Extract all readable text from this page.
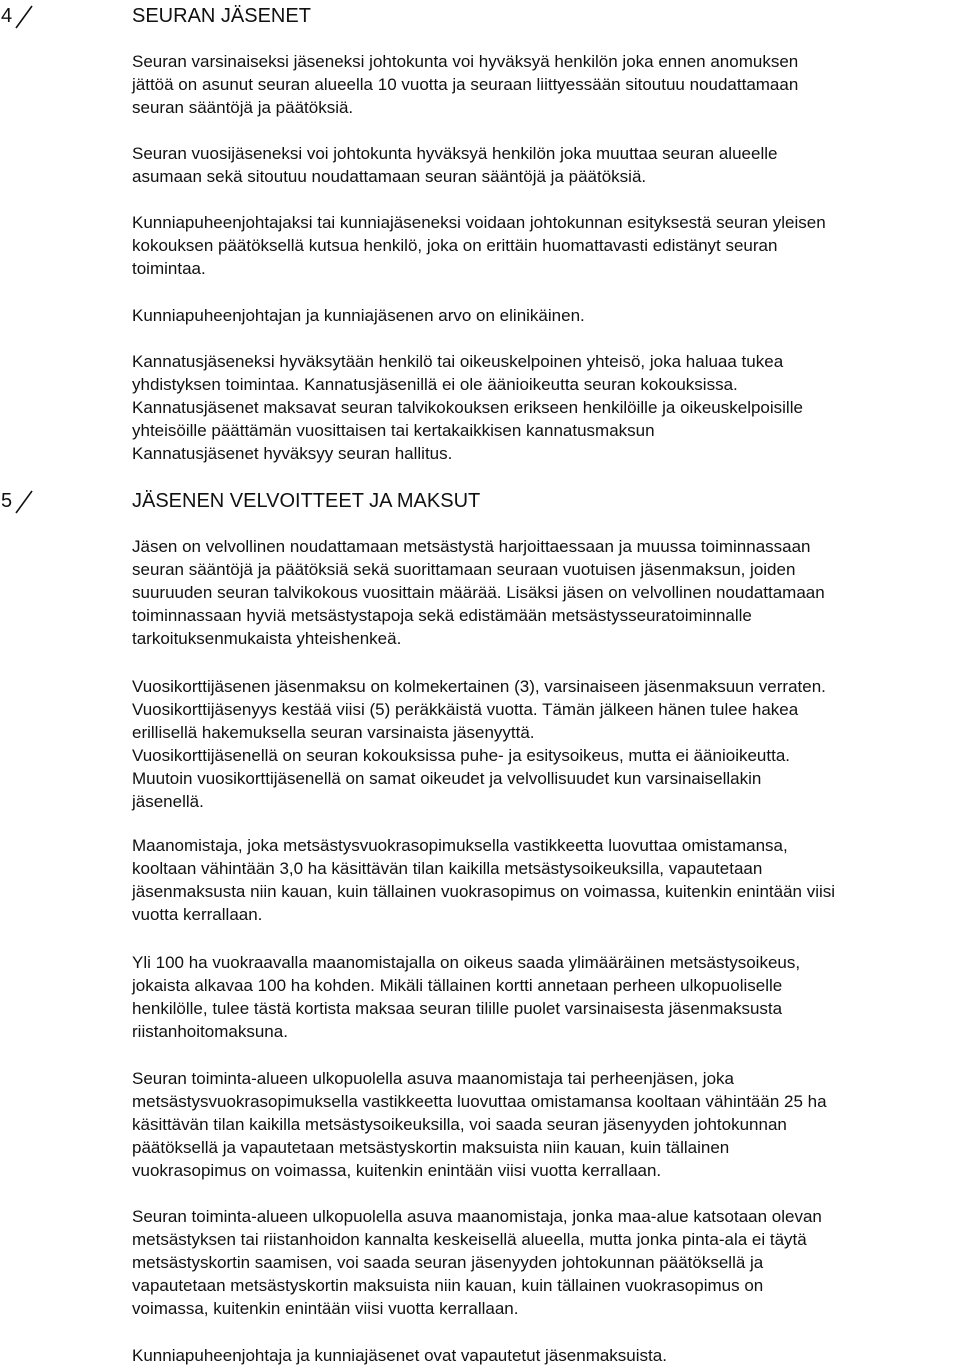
4	SEURAN JÄSENET
Seuran varsinaiseksi jäseneksi johtokunta voi hyväksyä henkilön joka ennen anomuksen
jättöä on asunut seuran alueella 10 vuotta ja seuraan liittyessään sitoutuu noudattamaan
seuran sääntöjä ja päätöksiä.
Seuran vuosijäseneksi voi johtokunta hyväksyä henkilön joka muuttaa seuran alueelle
asumaan sekä sitoutuu noudattamaan seuran sääntöjä ja päätöksiä.
Kunniapuheenjohtajaksi tai kunniajäseneksi voidaan johtokunnan esityksestä seuran yleisen
kokouksen päätöksellä kutsua henkilö, joka on erittäin huomattavasti edistänyt seuran
toimintaa.
Kunniapuheenjohtajan ja kunniajäsenen arvo on elinikäinen.
Kannatusjäseneksi hyväksytään henkilö tai oikeuskelpoinen yhteisö, joka haluaa tukea
yhdistyksen toimintaa. Kannatusjäsenillä ei ole äänioikeutta seuran kokouksissa.
Kannatusjäsenet maksavat seuran talvikokouksen erikseen henkilöille ja oikeuskelpoisille
yhteisöille päättämän vuosittaisen tai kertakaikkisen kannatusmaksun
Kannatusjäsenet hyväksyy seuran hallitus.
5	JÄSENEN VELVOITTEET JA MAKSUT
Jäsen on velvollinen noudattamaan metsästystä harjoittaessaan ja muussa toiminnassaan
seuran sääntöjä ja päätöksiä sekä suorittamaan seuraan vuotuisen jäsenmaksun, joiden
suuruuden seuran talvikokous vuosittain määrää. Lisäksi jäsen on velvollinen noudattamaan
toiminnassaan hyviä metsästystapoja sekä edistämään metsästysseuratoiminnalle
tarkoituksenmukaista yhteishenkeä.
Vuosikorttijäsenen jäsenmaksu on kolmekertainen (3), varsinaiseen jäsenmaksuun verraten.
Vuosikorttijäsenyys kestää viisi (5) peräkkäistä vuotta. Tämän jälkeen hänen tulee hakea
erillisellä hakemuksella seuran varsinaista jäsenyyttä.
Vuosikorttijäsenellä on seuran kokouksissa puhe- ja esitysoikeus, mutta ei äänioikeutta.
Muutoin vuosikorttijäsenellä on samat oikeudet ja velvollisuudet kun varsinaisellakin
jäsenellä.
Maanomistaja, joka metsästysvuokrasopimuksella vastikkeetta luovuttaa omistamansa,
kooltaan vähintään 3,0 ha käsittävän tilan kaikilla metsästysoikeuksilla, vapautetaan
jäsenmaksusta niin kauan, kuin tällainen vuokrasopimus on voimassa, kuitenkin enintään viisi
vuotta kerrallaan.
Yli 100 ha vuokraavalla maanomistajalla on oikeus saada ylimääräinen metsästysoikeus,
jokaista alkavaa 100 ha kohden. Mikäli tällainen kortti annetaan perheen ulkopuoliselle
henkilölle, tulee tästä kortista maksaa seuran tilille puolet varsinaisesta jäsenmaksusta
riistanhoitomaksuna.
Seuran toiminta-alueen ulkopuolella asuva maanomistaja tai perheenjäsen, joka
metsästysvuokrasopimuksella vastikkeetta luovuttaa omistamansa kooltaan vähintään 25 ha
käsittävän tilan kaikilla metsästysoikeuksilla, voi saada seuran jäsenyyden johtokunnan
päätöksellä ja vapautetaan metsästyskortin maksuista niin kauan, kuin tällainen
vuokrasopimus on voimassa, kuitenkin enintään viisi vuotta kerrallaan.
Seuran toiminta-alueen ulkopuolella asuva maanomistaja, jonka maa-alue katsotaan olevan
metsästyksen tai riistanhoidon kannalta keskeisellä alueella, mutta jonka pinta-ala ei täytä
metsästyskortin saamisen, voi saada seuran jäsenyyden johtokunnan päätöksellä ja
vapautetaan metsästyskortin maksuista niin kauan, kuin tällainen vuokrasopimus on
voimassa, kuitenkin enintään viisi vuotta kerrallaan.
Kunniapuheenjohtaja ja kunniajäsenet ovat vapautetut jäsenmaksuista.
